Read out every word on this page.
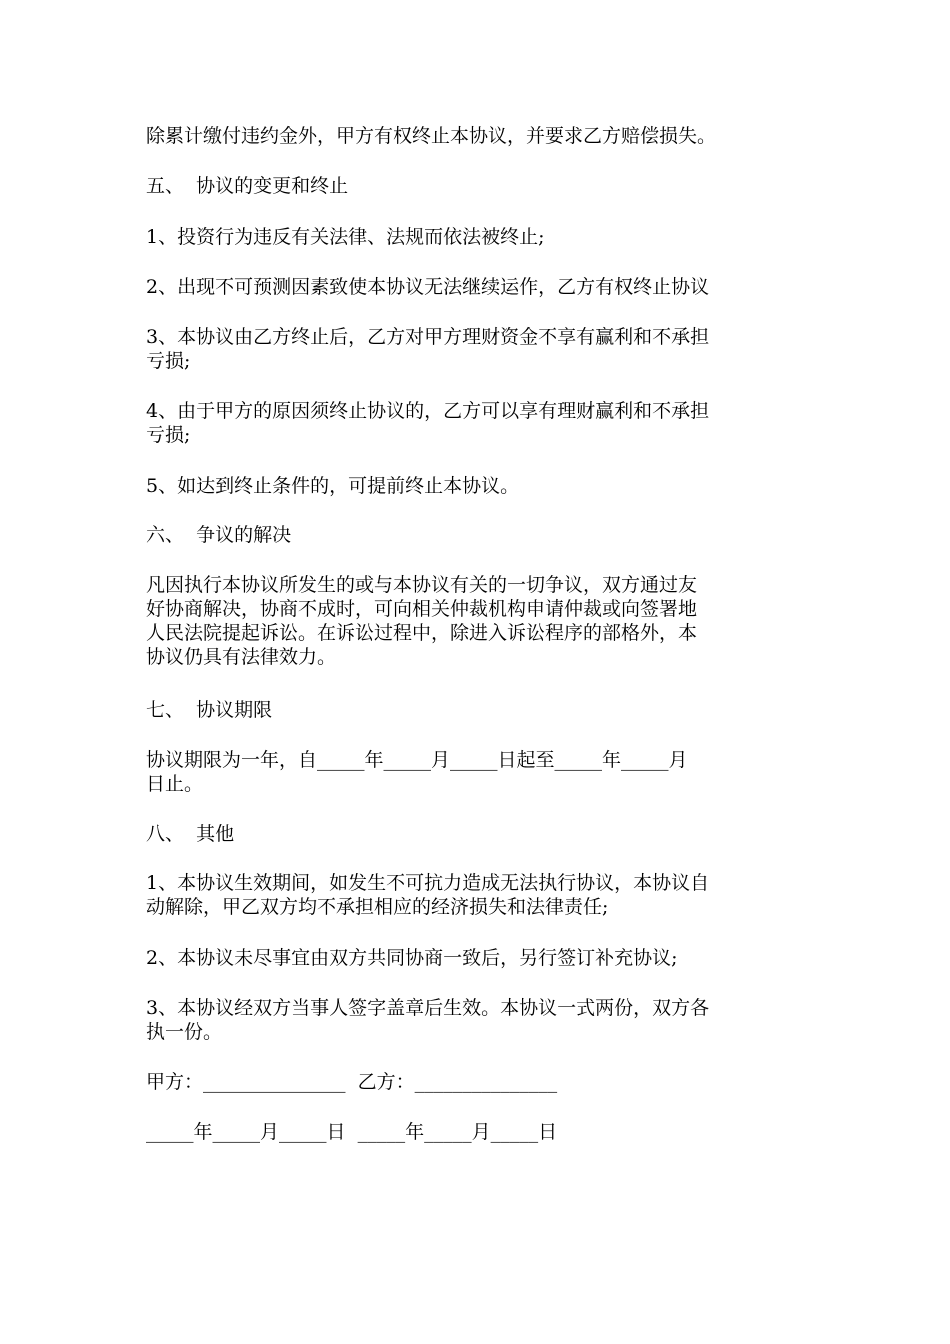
除累计缴付违约金外，甲方有权终止本协议，并要求乙方赔偿损失。

五、  协议的变更和终止

1、投资行为违反有关法律、法规而依法被终止;

2、出现不可预测因素致使本协议无法继续运作，乙方有权终止协议

3、本协议由乙方终止后，乙方对甲方理财资金不享有赢利和不承担
亏损;

4、由于甲方的原因须终止协议的，乙方可以享有理财赢利和不承担
亏损;

5、如达到终止条件的，可提前终止本协议。

六、  争议的解决

凡因执行本协议所发生的或与本协议有关的一切争议，双方通过友
好协商解决，协商不成时，可向相关仲裁机构申请仲裁或向签署地
人民法院提起诉讼。在诉讼过程中，除进入诉讼程序的部格外，本
协议仍具有法律效力。

七、  协议期限

协议期限为一年，自_____年_____月_____日起至_____年_____月
日止。

八、  其他

1、本协议生效期间，如发生不可抗力造成无法执行协议，本协议自
动解除，甲乙双方均不承担相应的经济损失和法律责任;

2、本协议未尽事宜由双方共同协商一致后，另行签订补充协议;

3、本协议经双方当事人签字盖章后生效。本协议一式两份，双方各
执一份。

甲方：_______________  乙方：_______________

_____年_____月_____日  _____年_____月_____日
